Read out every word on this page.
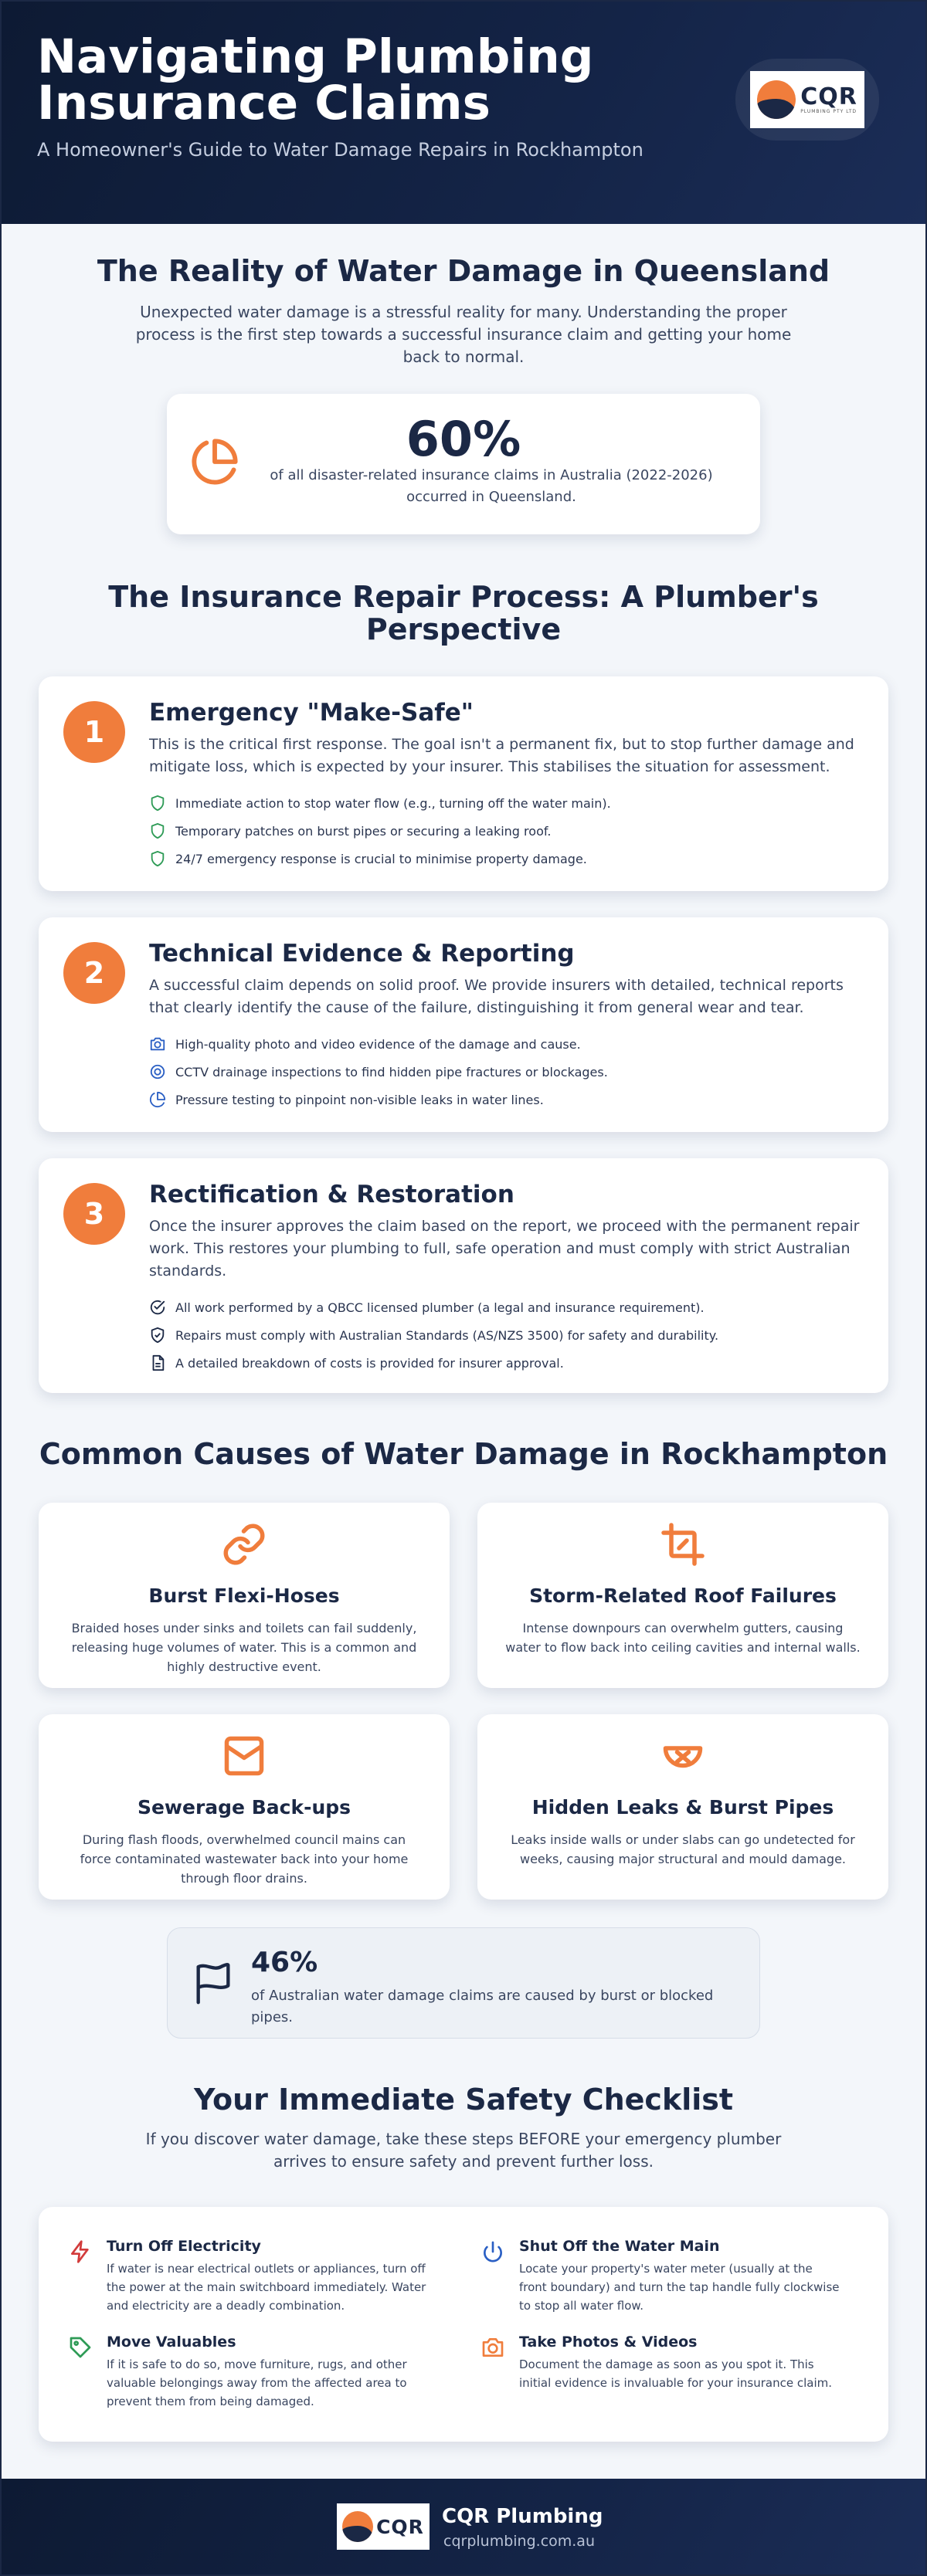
Navigating Plumbing Insurance Claims
A Homeowner's Guide to Water Damage Repairs in Rockhampton
CQR
PLUMBING PTY LTD
The Reality of Water Damage in Queensland

Unexpected water damage is a stressful reality for many. Understanding the proper process is the first step towards a successful insurance claim and getting your home back to normal.

60%
of all disaster-related insurance claims in Australia (2022-2026) occurred in Queensland.
The Insurance Repair Process: A Plumber's Perspective
1
Emergency "Make-Safe"

This is the critical first response. The goal isn't a permanent fix, but to stop further damage and mitigate loss, which is expected by your insurer. This stabilises the situation for assessment.

Immediate action to stop water flow (e.g., turning off the water main).
Temporary patches on burst pipes or securing a leaking roof.
24/7 emergency response is crucial to minimise property damage.
2
Technical Evidence & Reporting

A successful claim depends on solid proof. We provide insurers with detailed, technical reports that clearly identify the cause of the failure, distinguishing it from general wear and tear.

High-quality photo and video evidence of the damage and cause.
CCTV drainage inspections to find hidden pipe fractures or blockages.
Pressure testing to pinpoint non-visible leaks in water lines.
3
Rectification & Restoration

Once the insurer approves the claim based on the report, we proceed with the permanent repair work. This restores your plumbing to full, safe operation and must comply with strict Australian standards.

All work performed by a QBCC licensed plumber (a legal and insurance requirement).
Repairs must comply with Australian Standards (AS/NZS 3500) for safety and durability.
A detailed breakdown of costs is provided for insurer approval.
Common Causes of Water Damage in Rockhampton
Burst Flexi-Hoses

Braided hoses under sinks and toilets can fail suddenly, releasing huge volumes of water. This is a common and highly destructive event.

Storm-Related Roof Failures

Intense downpours can overwhelm gutters, causing water to flow back into ceiling cavities and internal walls.

Sewerage Back-ups

During flash floods, overwhelmed council mains can force contaminated wastewater back into your home through floor drains.

Hidden Leaks & Burst Pipes

Leaks inside walls or under slabs can go undetected for weeks, causing major structural and mould damage.

46%
of Australian water damage claims are caused by burst or blocked pipes.
Your Immediate Safety Checklist

If you discover water damage, take these steps BEFORE your emergency plumber arrives to ensure safety and prevent further loss.

Turn Off Electricity

If water is near electrical outlets or appliances, turn off the power at the main switchboard immediately. Water and electricity are a deadly combination.

Shut Off the Water Main

Locate your property's water meter (usually at the front boundary) and turn the tap handle fully clockwise to stop all water flow.

Move Valuables

If it is safe to do so, move furniture, rugs, and other valuable belongings away from the affected area to prevent them from being damaged.

Take Photos & Videos

Document the damage as soon as you spot it. This initial evidence is invaluable for your insurance claim.

CQR CQR Plumbing
cqrplumbing.com.au
